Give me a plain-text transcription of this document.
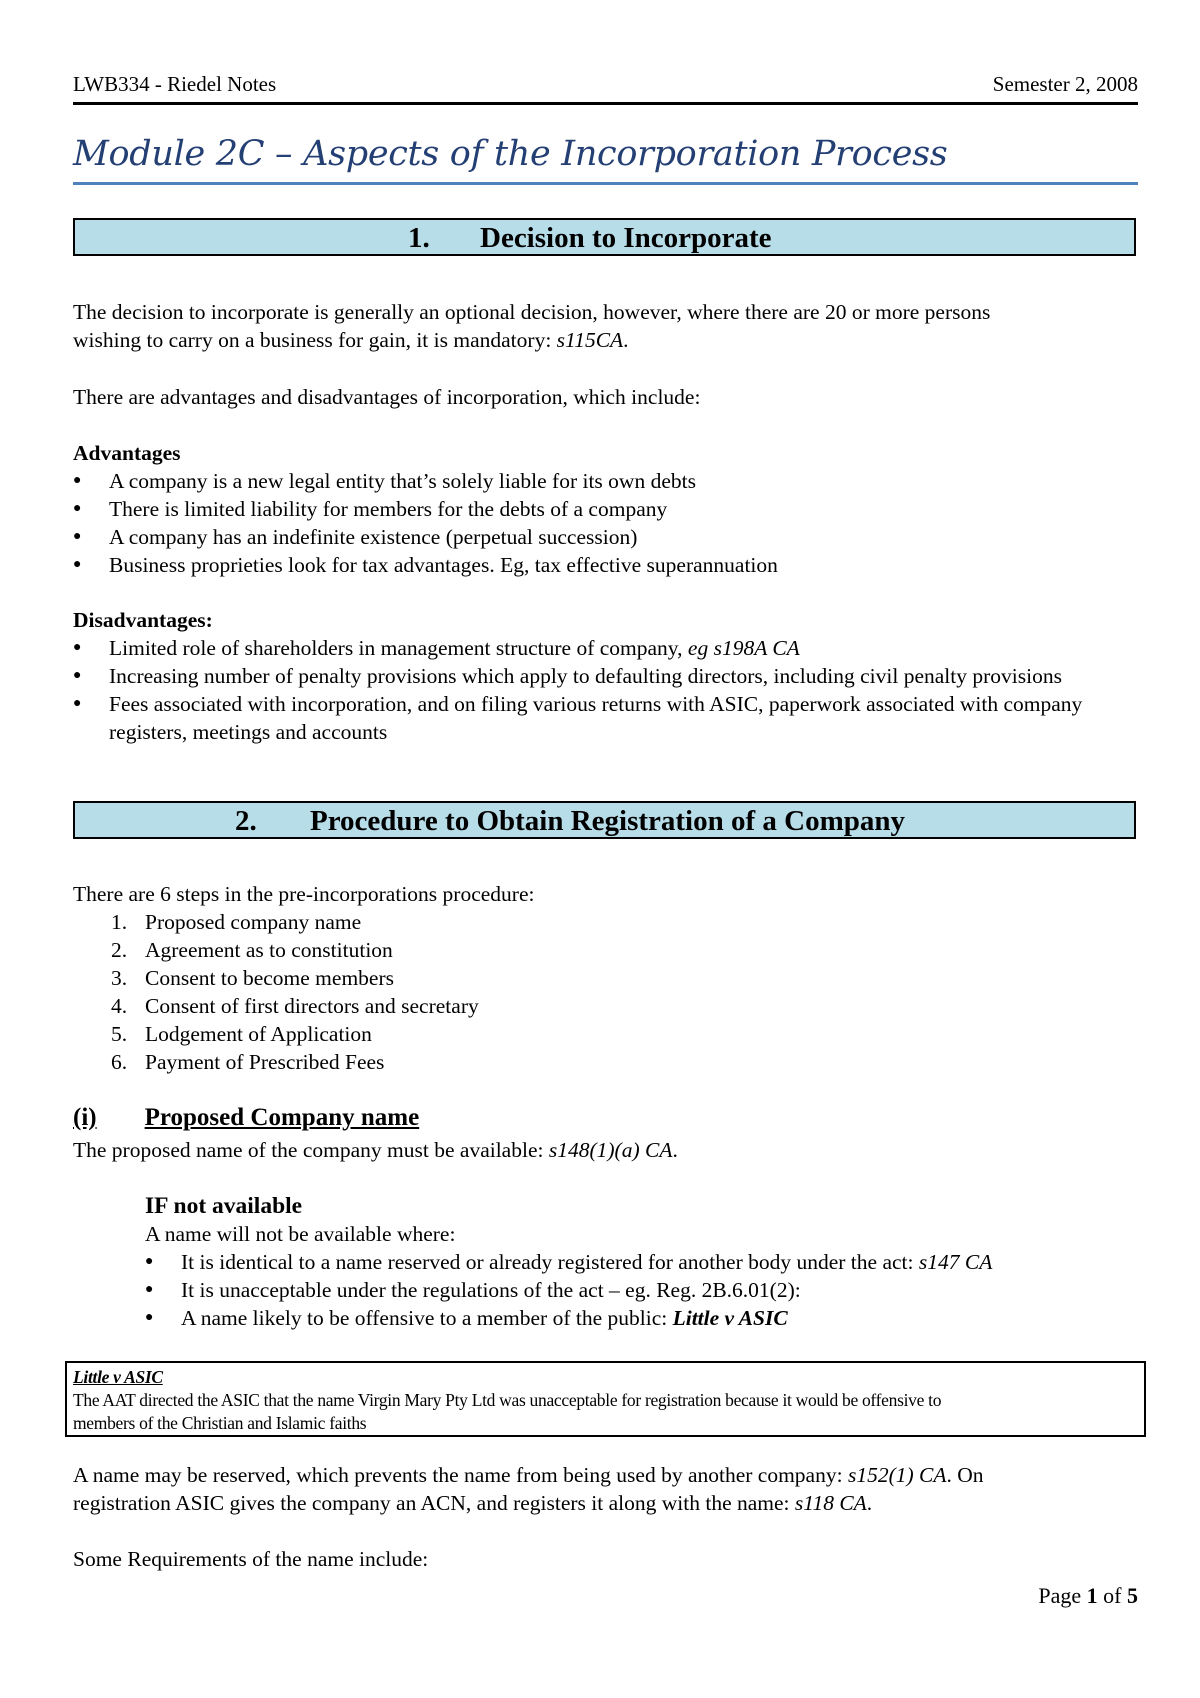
LWB334 - Riedel Notes	Semester 2, 2008
Module 2C – Aspects of the Incorporation Process
1. Decision to Incorporate

The decision to incorporate is generally an optional decision, however, where there are 20 or more persons

wishing to carry on a business for gain, it is mandatory: s115CA.

There are advantages and disadvantages of incorporation, which include:

Advantages

● A company is a new legal entity that’s solely liable for its own debts
● There is limited liability for members for the debts of a company
● A company has an indefinite existence (perpetual succession)
● Business proprieties look for tax advantages. Eg, tax effective superannuation

Disadvantages:

● Limited role of shareholders in management structure of company, eg s198A CA
● Increasing number of penalty provisions which apply to defaulting directors, including civil penalty provisions
● Fees associated with incorporation, and on filing various returns with ASIC, paperwork associated with company registers, meetings and accounts
2. Procedure to Obtain Registration of a Company

There are 6 steps in the pre-incorporations procedure:

1. Proposed company name
2. Agreement as to constitution
3. Consent to become members
4. Consent of first directors and secretary
5. Lodgement of Application
6. Payment of Prescribed Fees
(i) Proposed Company name
The proposed name of the company must be available: s148(1)(a) CA.

IF not available

A name will not be available where:

● It is identical to a name reserved or already registered for another body under the act: s147 CA
● It is unacceptable under the regulations of the act – eg. Reg. 2B.6.01(2):
● A name likely to be offensive to a member of the public: Little v ASIC
Little v ASIC
The AAT directed the ASIC that the name Virgin Mary Pty Ltd was unacceptable for registration because it would be offensive to
members of the Christian and Islamic faiths

A name may be reserved, which prevents the name from being used by another company: s152(1) CA. On

registration ASIC gives the company an ACN, and registers it along with the name: s118 CA.

Some Requirements of the name include:
Page 1 of 5
